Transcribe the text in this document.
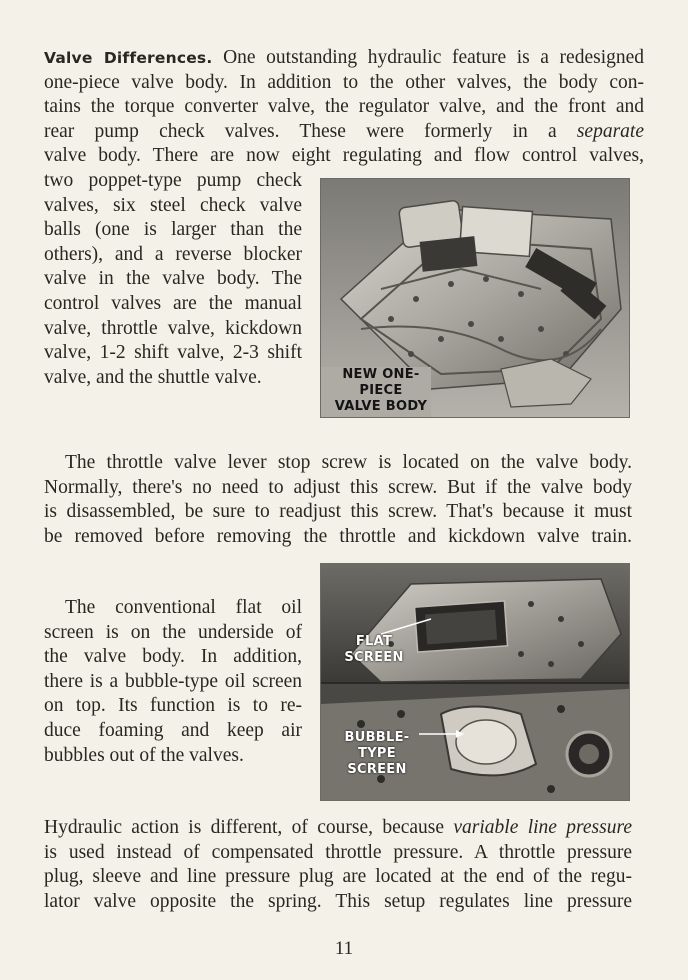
Valve Differences. One outstanding hydraulic feature is a redesigned
one-piece valve body. In addition to the other valves, the body con-
tains the torque converter valve, the regulator valve, and the front and
rear pump check valves. These were formerly in a separate
valve body. There are now eight regulating and flow control valves,
two poppet-type pump check
valves, six steel check valve
balls (one is larger than the
others), and a reverse blocker
valve in the valve body. The
control valves are the manual
valve, throttle valve, kickdown
valve, 1-2 shift valve, 2-3 shift
valve, and the shuttle valve.	NEW ONE-PIECE
VALVE BODY
The throttle valve lever stop screw is located on the valve body.
Normally, there's no need to adjust this screw. But if the valve body
is disassembled, be sure to readjust this screw. That's because it must
be removed before removing the throttle and kickdown valve train.
The conventional flat oil
screen is on the underside of
the valve body. In addition,
there is a bubble-type oil screen
on top. Its function is to re-
duce foaming and keep air
bubbles out of the valves.
FLAT
SCREEN
BUBBLE-TYPE
SCREEN
Hydraulic action is different, of course, because variable line pressure
is used instead of compensated throttle pressure. A throttle pressure
plug, sleeve and line pressure plug are located at the end of the regu-
lator valve opposite the spring. This setup regulates line pressure
11
